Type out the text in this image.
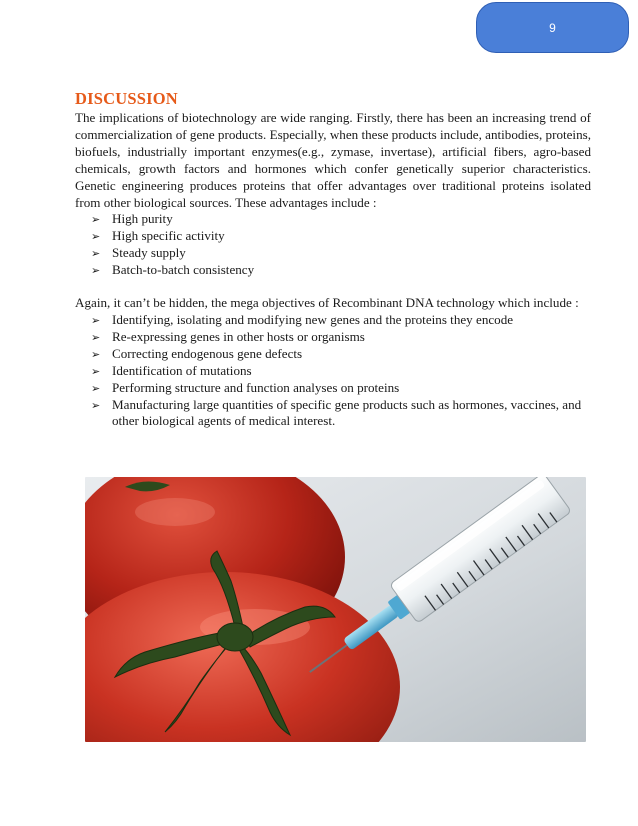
9
DISCUSSION

The implications of biotechnology are wide ranging. Firstly, there has been an increasing trend of commercialization of gene products. Especially, when these products include, antibodies, proteins, biofuels, industrially important enzymes(e.g., zymase, invertase), artificial fibers, agro-based chemicals, growth factors and hormones which confer genetically superior characteristics. Genetic engineering produces proteins that offer advantages over traditional proteins isolated from other biological sources. These advantages include :

➢ High purity
➢ High specific activity
➢ Steady supply
➢ Batch-to-batch consistency

Again, it can’t be hidden, the mega objectives of Recombinant DNA technology which include :

➢ Identifying, isolating and modifying new genes and the proteins they encode
➢ Re-expressing genes in other hosts or organisms
➢ Correcting endogenous gene defects
➢ Identification of mutations
➢ Performing structure and function analyses on proteins
➢ Manufacturing large quantities of specific gene products such as hormones, vaccines, and other biological agents of medical interest.
